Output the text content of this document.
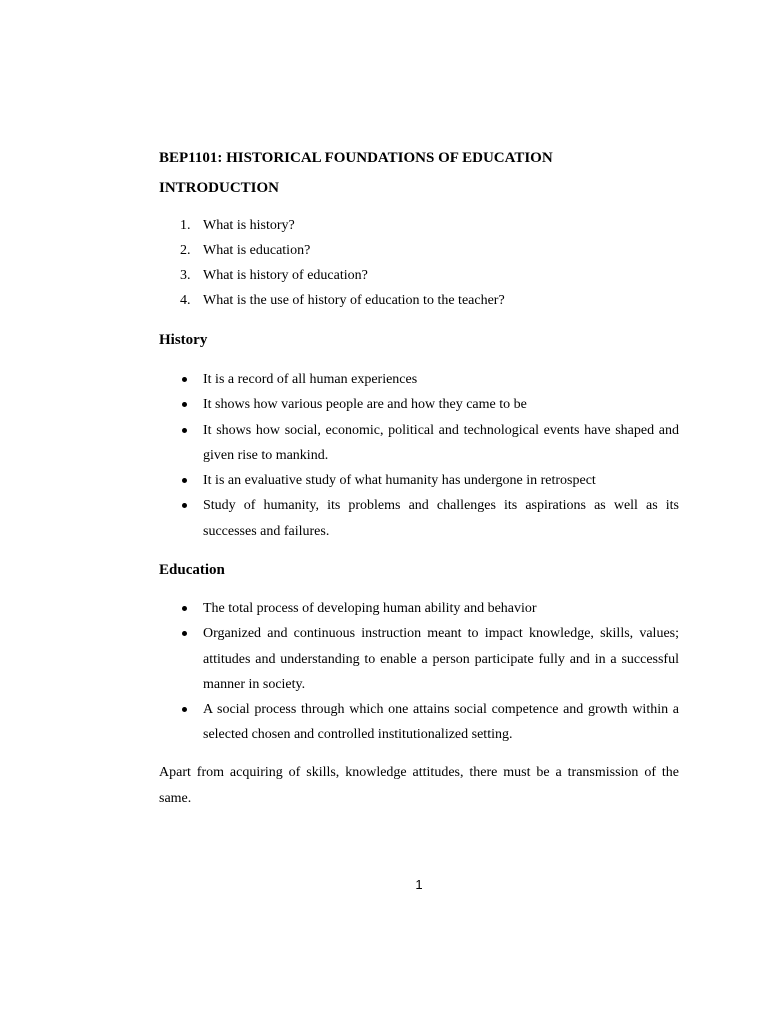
BEP1101: HISTORICAL FOUNDATIONS OF EDUCATION
INTRODUCTION
1. What is history?
2. What is education?
3. What is history of education?
4. What is the use of history of education to the teacher?
History
It is a record of all human experiences
It shows how various people are and how they came to be
It shows how social, economic, political and technological events have shaped and given rise to mankind.
It is an evaluative study of what humanity has undergone in retrospect
Study of humanity, its problems and challenges its aspirations as well as its successes and failures.
Education
The total process of developing human ability and behavior
Organized and continuous instruction meant to impact knowledge, skills, values; attitudes and understanding to enable a person participate fully and in a successful manner in society.
A social process through which one attains social competence and growth within a selected chosen and controlled institutionalized setting.
Apart from acquiring of skills, knowledge attitudes, there must be a transmission of the same.
1
